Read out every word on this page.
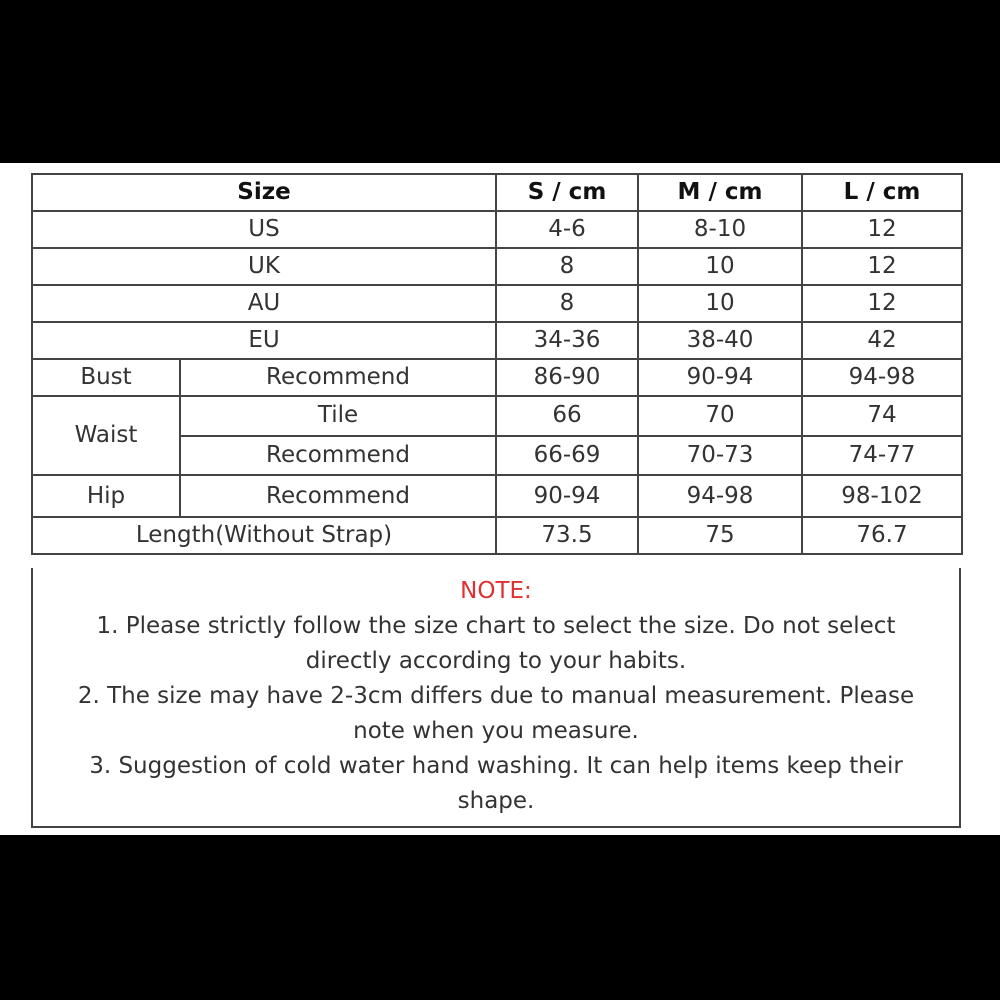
Size		S / cm	M / cm	L / cm
US		4-6	8-10	12
UK		8	10	12
AU		8	10	12
EU		34-36	38-40	42
Bust	Recommend	86-90	90-94	94-98
Waist	Tile	66	70	74
	Recommend	66-69	70-73	74-77
Hip	Recommend	90-94	94-98	98-102
Length(Without Strap)		73.5	75	76.7
NOTE:
1. Please strictly follow the size chart to select the size. Do not select
directly according to your habits.
2. The size may have 2-3cm differs due to manual measurement. Please
note when you measure.
3. Suggestion of cold water hand washing. It can help items keep their
shape.
